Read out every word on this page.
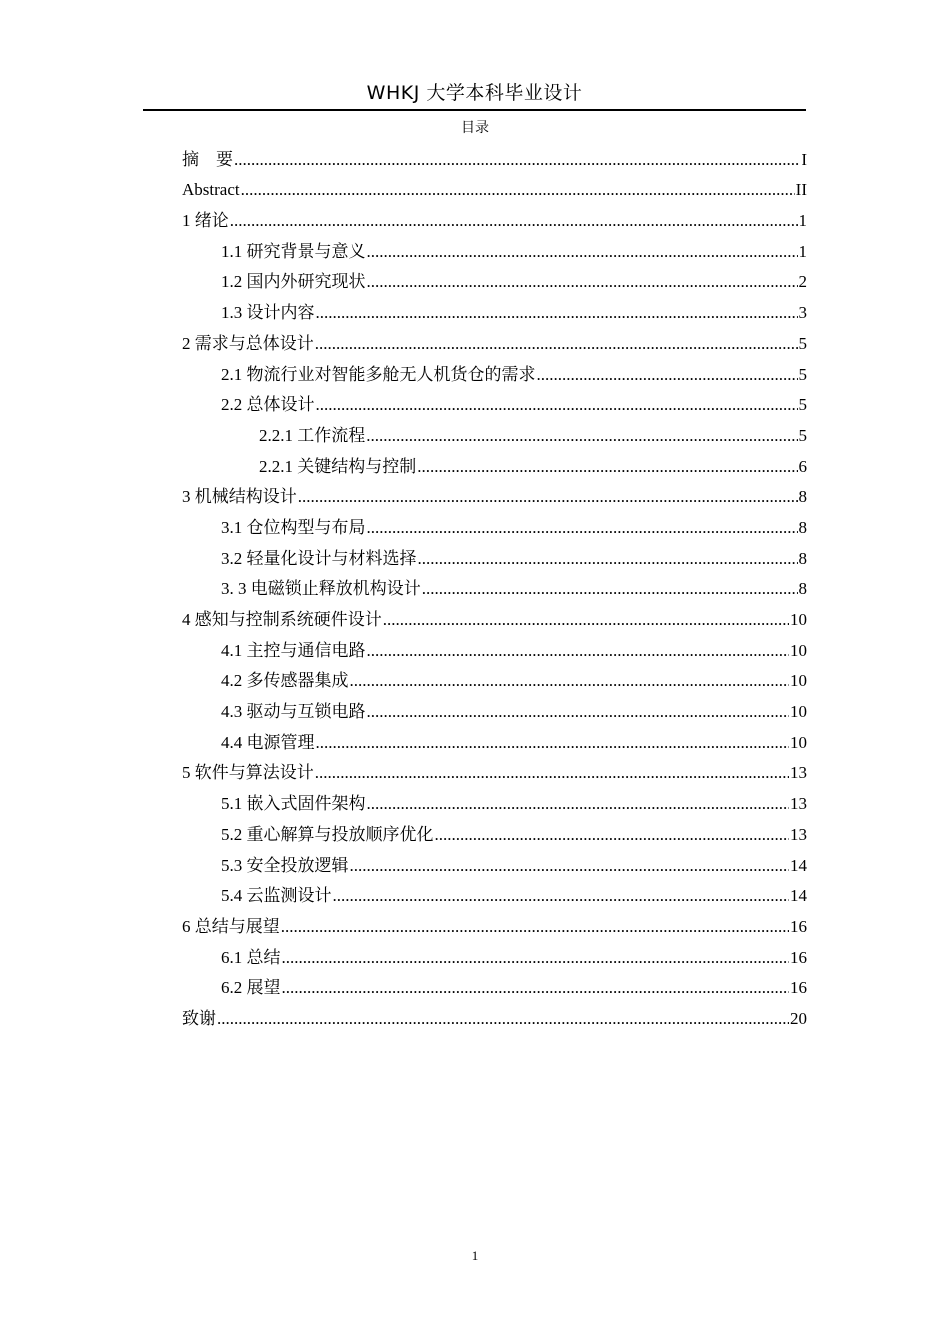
WHKJ 大学本科毕业设计
目录
摘　要 .....	I
Abstract .....	II
1 绪论 .....	1
1.1 研究背景与意义 .....	1
1.2 国内外研究现状 .....	2
1.3 设计内容 .....	3
2 需求与总体设计 .....	5
2.1 物流行业对智能多舱无人机货仓的需求 .....	5
2.2 总体设计 .....	5
2.2.1 工作流程 .....	5
2.2.1 关键结构与控制 .....	6
3 机械结构设计 .....	8
3.1 仓位构型与布局 .....	8
3.2 轻量化设计与材料选择 .....	8
3. 3 电磁锁止释放机构设计 .....	8
4 感知与控制系统硬件设计 .....	10
4.1 主控与通信电路 .....	10
4.2 多传感器集成 .....	10
4.3 驱动与互锁电路 .....	10
4.4 电源管理 .....	10
5 软件与算法设计 .....	13
5.1 嵌入式固件架构 .....	13
5.2 重心解算与投放顺序优化 .....	13
5.3 安全投放逻辑 .....	14
5.4 云监测设计 .....	14
6 总结与展望 .....	16
6.1 总结 .....	16
6.2 展望 .....	16
致谢 .....	20
1
